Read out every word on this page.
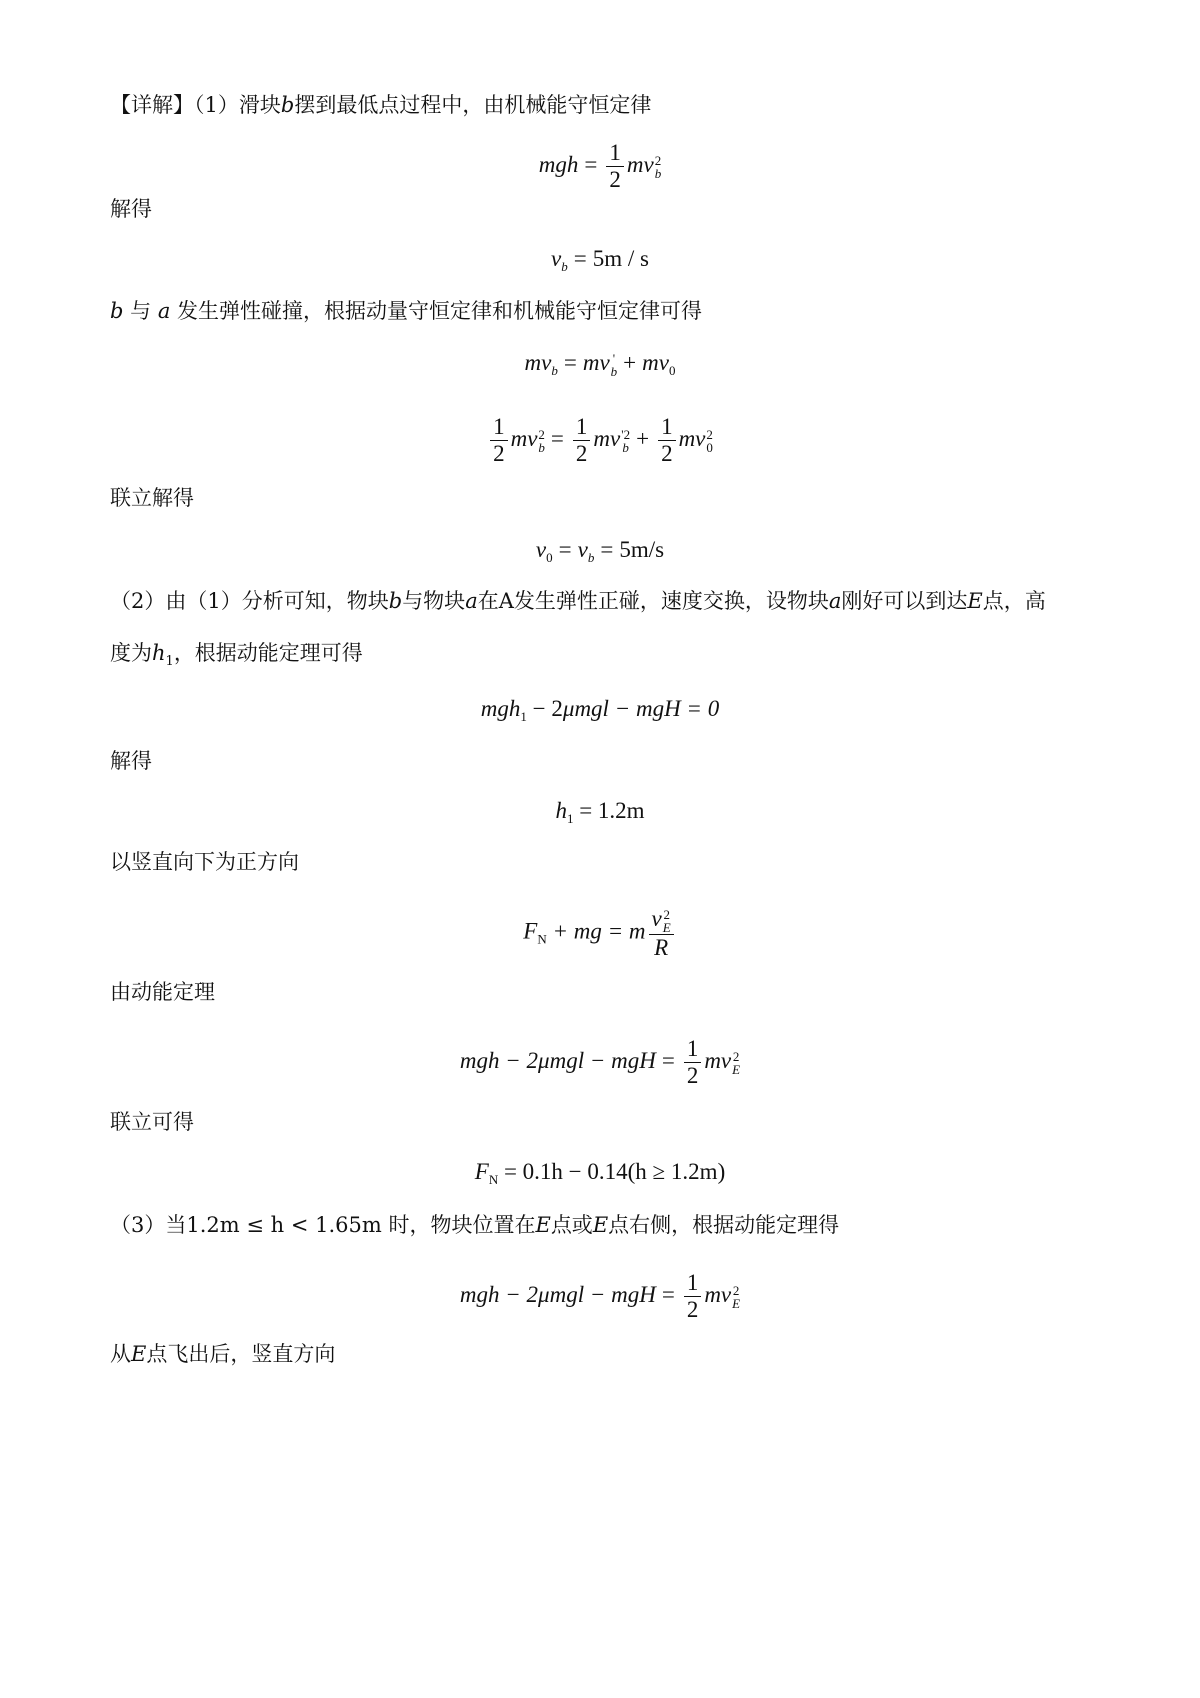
【详解】（1）滑块b摆到最低点过程中，由机械能守恒定律
mgh = $\frac{1}{2}$ mv 2
b
解得
$v_b = 5m / s$
b 与 a 发生弹性碰撞，根据动量守恒定律和机械能守恒定律可得
$mv_b$ = mv '
$b + mv_0$
$\frac{1}{2}$ mv 2
$b = \frac{1}{2}$ mv '2
$b + \frac{1}{2}$ mv 2
0
联立解得
$v_0 = v_b = 5m/s$
（2）由（1）分析可知，物块b与物块a在A发生弹性正碰，速度交换，设物块a刚好可以到达E点，高
度为$h_1$，根据动能定理可得
mgh$_1$ − 2μmgl − mgH = 0
解得
$h_1 = 1.2m$
以竖直向下为正方向
$F_N$ + mg = m v 2
E
R
由动能定理
mgh − 2μmgl − mgH = $\frac{1}{2}$ mv 2
E
联立可得
$F_N = 0.1h - 0.14(h \ge 1.2m)$
（3）当1.2m ≤ h < 1.65m 时，物块位置在E点或E点右侧，根据动能定理得
mgh − 2μmgl − mgH = $\frac{1}{2}$ mv 2
E
从E点飞出后，竖直方向
